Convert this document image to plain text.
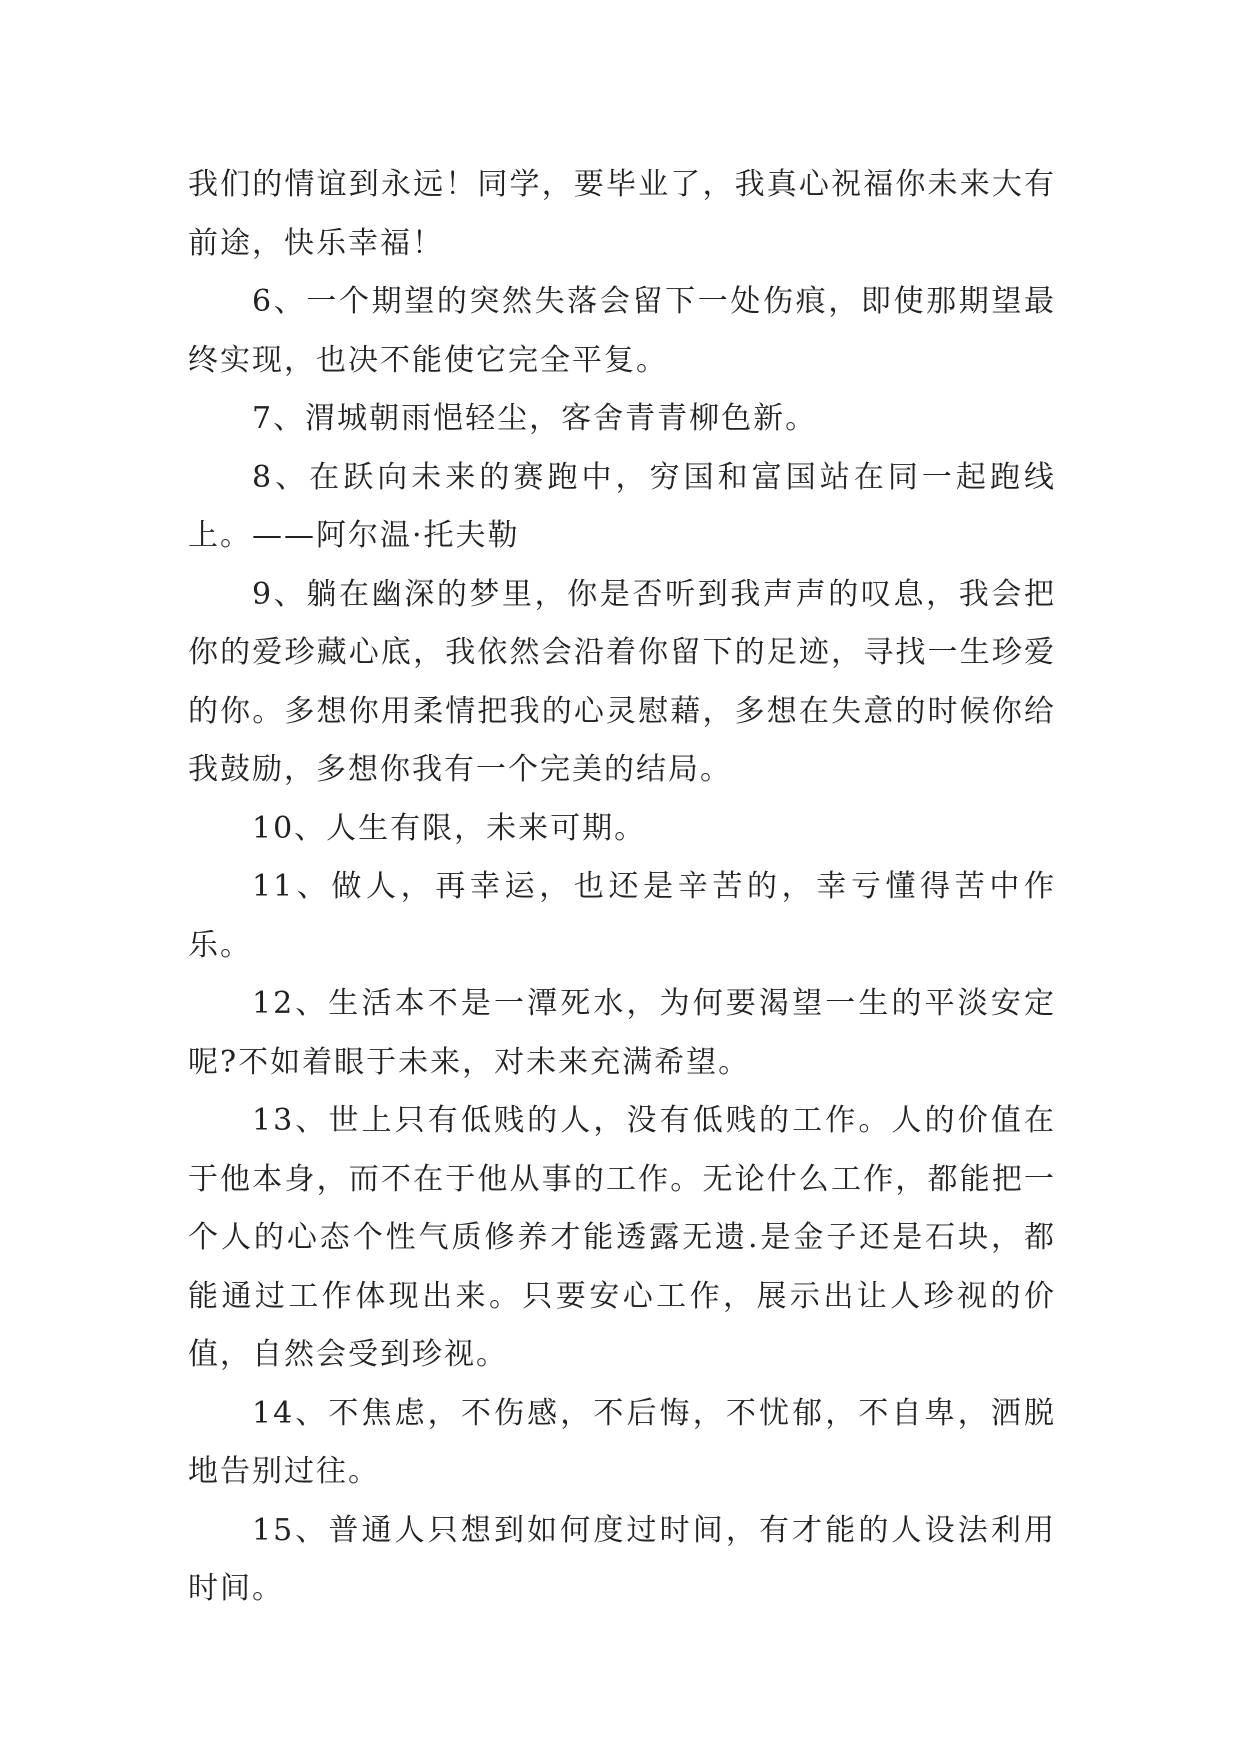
我们的情谊到永远！同学，要毕业了，我真心祝福你未来大有前途，快乐幸福！

6、一个期望的突然失落会留下一处伤痕，即使那期望最终实现，也决不能使它完全平复。

7、渭城朝雨悒轻尘，客舍青青柳色新。

8、在跃向未来的赛跑中，穷国和富国站在同一起跑线上。——阿尔温·托夫勒

9、躺在幽深的梦里，你是否听到我声声的叹息，我会把你的爱珍藏心底，我依然会沿着你留下的足迹，寻找一生珍爱的你。多想你用柔情把我的心灵慰藉，多想在失意的时候你给我鼓励，多想你我有一个完美的结局。

10、人生有限，未来可期。

11、做人，再幸运，也还是辛苦的，幸亏懂得苦中作乐。

12、生活本不是一潭死水，为何要渴望一生的平淡安定呢?不如着眼于未来，对未来充满希望。

13、世上只有低贱的人，没有低贱的工作。人的价值在于他本身，而不在于他从事的工作。无论什么工作，都能把一个人的心态个性气质修养才能透露无遗.是金子还是石块，都能通过工作体现出来。只要安心工作，展示出让人珍视的价值，自然会受到珍视。

14、不焦虑，不伤感，不后悔，不忧郁，不自卑，洒脱地告别过往。

15、普通人只想到如何度过时间，有才能的人设法利用时间。
